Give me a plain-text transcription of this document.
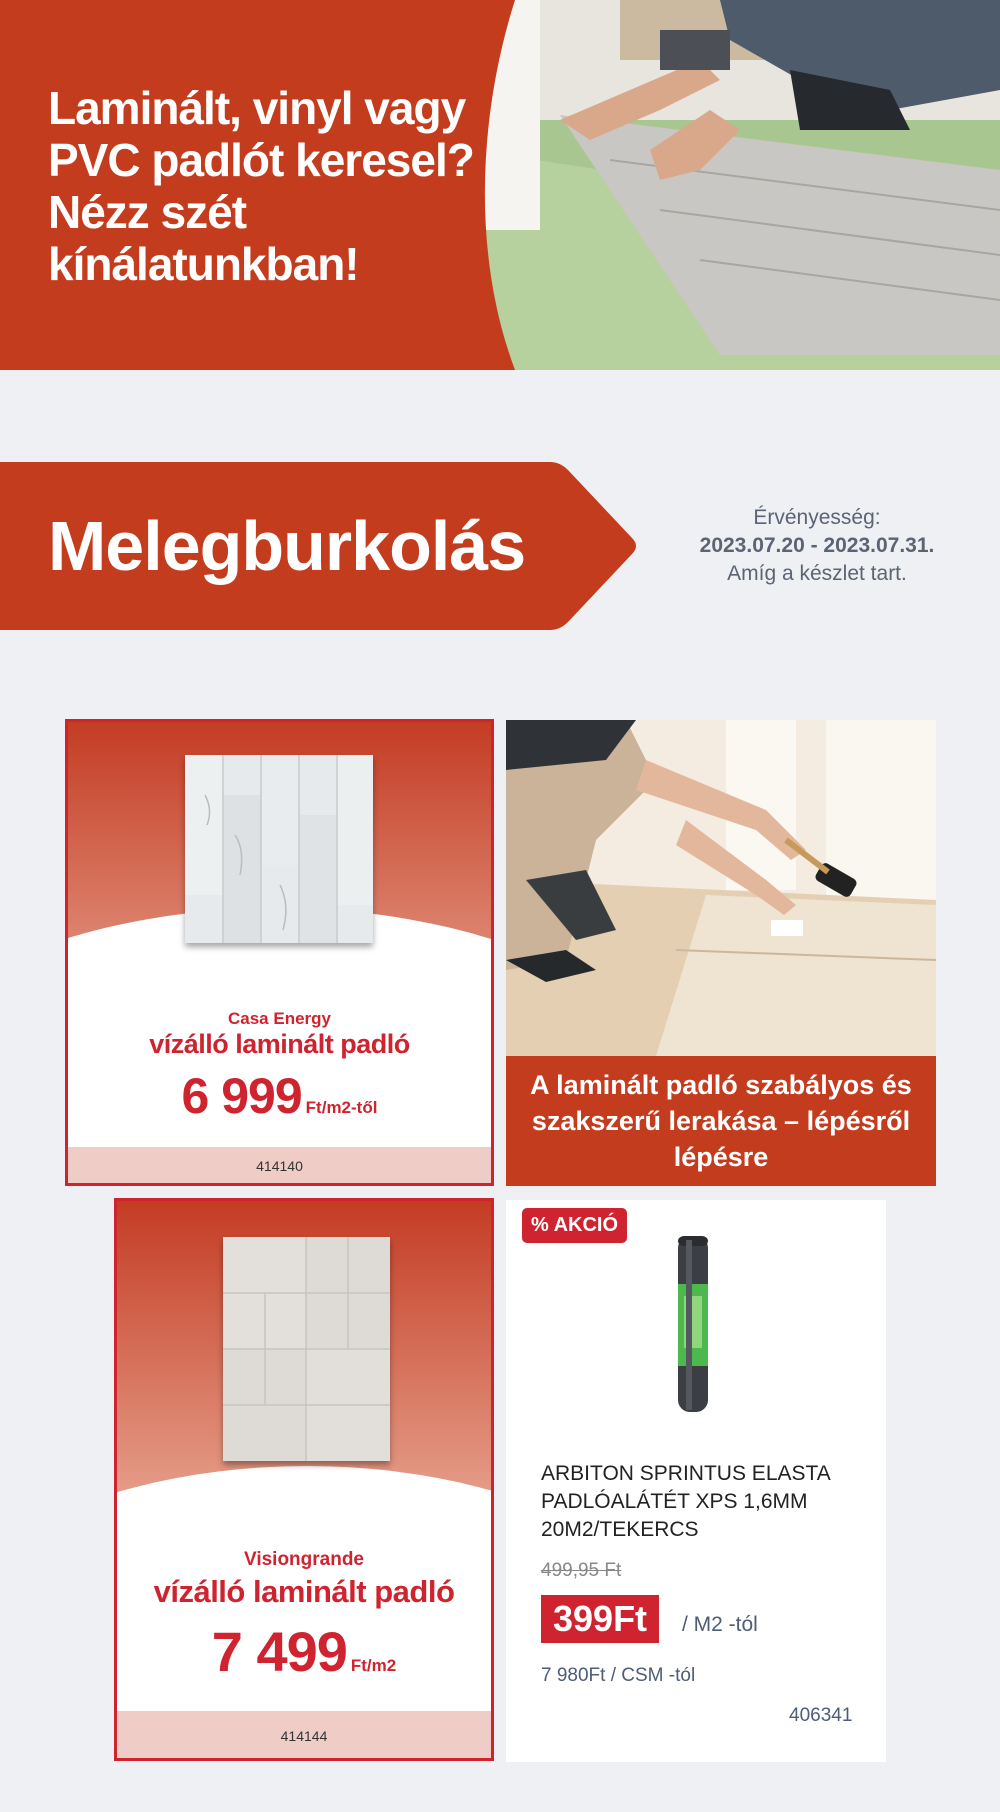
Laminált, vinyl vagy PVC padlót keresel? Nézz szét kínálatunkban!
Melegburkolás	Érvényesség:
2023.07.20 - 2023.07.31.
Amíg a készlet tart.
Casa Energy
vízálló laminált padló
6 999 Ft/m2-től
414140
A laminált padló szabályos és szakszerű lerakása – lépésről lépésre
Visiongrande
vízálló laminált padló
7 499 Ft/m2
414144
% AKCIÓ
ARBITON SPRINTUS ELASTA PADLÓALÁTÉT XPS 1,6MM 20M2/TEKERCS
499,95 Ft
399Ft	/ M2 -tól
7 980Ft / CSM -tól
406341
